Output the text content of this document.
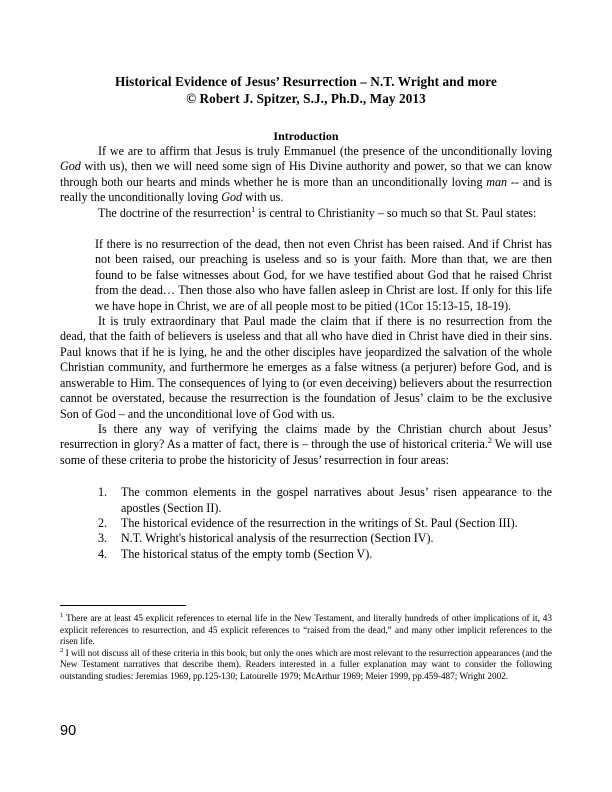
Historical Evidence of Jesus’ Resurrection – N.T. Wright and more
© Robert J. Spitzer, S.J., Ph.D., May 2013
Introduction

If we are to affirm that Jesus is truly Emmanuel (the presence of the unconditionally loving God with us), then we will need some sign of His Divine authority and power, so that we can know through both our hearts and minds whether he is more than an unconditionally loving man -- and is really the unconditionally loving God with us.

The doctrine of the resurrection$^1$ is central to Christianity – so much so that St. Paul states:

If there is no resurrection of the dead, then not even Christ has been raised. And if Christ has not been raised, our preaching is useless and so is your faith. More than that, we are then found to be false witnesses about God, for we have testified about God that he raised Christ from the dead… Then those also who have fallen asleep in Christ are lost. If only for this life we have hope in Christ, we are of all people most to be pitied (1Cor 15:13-15, 18-19).

It is truly extraordinary that Paul made the claim that if there is no resurrection from the dead, that the faith of believers is useless and that all who have died in Christ have died in their sins. Paul knows that if he is lying, he and the other disciples have jeopardized the salvation of the whole Christian community, and furthermore he emerges as a false witness (a perjurer) before God, and is answerable to Him. The consequences of lying to (or even deceiving) believers about the resurrection cannot be overstated, because the resurrection is the foundation of Jesus’ claim to be the exclusive Son of God – and the unconditional love of God with us.

Is there any way of verifying the claims made by the Christian church about Jesus’ resurrection in glory? As a matter of fact, there is – through the use of historical criteria.$^2$ We will use some of these criteria to probe the historicity of Jesus’ resurrection in four areas:

1.	The common elements in the gospel narratives about Jesus’ risen appearance to the apostles (Section II).
2.	The historical evidence of the resurrection in the writings of St. Paul (Section III).
3.	N.T. Wright's historical analysis of the resurrection (Section IV).
4.	The historical status of the empty tomb (Section V).

$^1$ There are at least 45 explicit references to eternal life in the New Testament, and literally hundreds of other implications of it, 43 explicit references to resurrection, and 45 explicit references to “raised from the dead,” and many other implicit references to the risen life.

$^2$ I will not discuss all of these criteria in this book, but only the ones which are most relevant to the resurrection appearances (and the New Testament narratives that describe them). Readers interested in a fuller explanation may want to consider the following outstanding studies: Jeremias 1969, pp.125-130; Latourelle 1979; McArthur 1969; Meier 1999, pp.459-487; Wright 2002.

90
